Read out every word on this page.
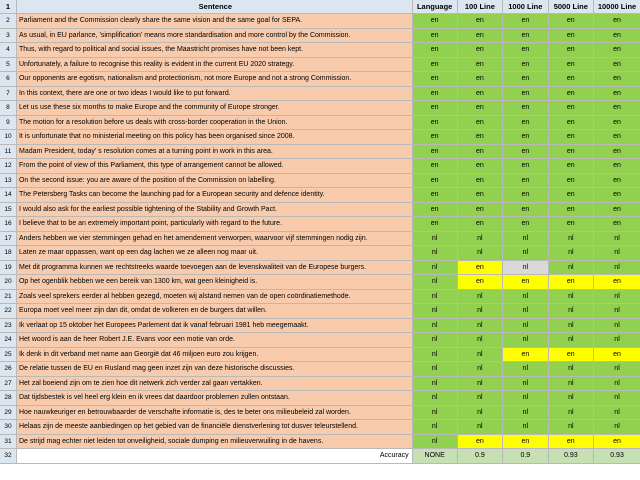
1	Sentence	Language	100 Line	1000 Line	5000 Line	10000 Line
2	Parliament and the Commission clearly share the same vision and the same goal for SEPA.	en	en	en	en	en
3	As usual, in EU parlance, 'simplification' means more standardisation and more control by the Commission.	en	en	en	en	en
4	Thus, with regard to political and social issues, the Maastricht promises have not been kept.	en	en	en	en	en
5	Unfortunately, a failure to recognise this reality is evident in the current EU 2020 strategy.	en	en	en	en	en
6	Our opponents are egotism, nationalism and protectionism, not more Europe and not a strong Commission.	en	en	en	en	en
7	In this context, there are one or two ideas I would like to put forward.	en	en	en	en	en
8	Let us use these six months to make Europe and the community of Europe stronger.	en	en	en	en	en
9	The motion for a resolution before us deals with cross-border cooperation in the Union.	en	en	en	en	en
10	It is unfortunate that no ministerial meeting on this policy has been organised since 2008.	en	en	en	en	en
11	Madam President, today' s resolution comes at a turning point in work in this area.	en	en	en	en	en
12	From the point of view of this Parliament, this type of arrangement cannot be allowed.	en	en	en	en	en
13	On the second issue: you are aware of the position of the Commission on labelling.	en	en	en	en	en
14	The Petersberg Tasks can become the launching pad for a European security and defence identity.	en	en	en	en	en
15	I would also ask for the earliest possible tightening of the Stability and Growth Pact.	en	en	en	en	en
16	I believe that to be an extremely important point, particularly with regard to the future.	en	en	en	en	en
17	Anders hebben we vier stemmingen gehad en het amendement verworpen, waarvoor vijf stemmingen nodig zijn.	nl	nl	nl	nl	nl
18	Laten ze maar oppassen, want op een dag lachen we ze alleen nog maar uit.	nl	nl	nl	nl	nl
19	Met dit programma kunnen we rechtstreeks waarde toevoegen aan de levenskwaliteit van de Europese burgers.	nl	en	nl	nl	nl
20	Op het ogenblik hebben we een bereik van 1300 km, wat geen kleinigheid is.	nl	en	en	en	en
21	Zoals veel sprekers eerder al hebben gezegd, moeten wij alstand nemen van de open coördinatiemethode.	nl	nl	nl	nl	nl
22	Europa moet veel meer zijn dan dit, omdat de volkeren en de burgers dat willen.	nl	nl	nl	nl	nl
23	Ik verlaat op 15 oktober het Europees Parlement dat ik vanaf februari 1981 heb meegemaakt.	nl	nl	nl	nl	nl
24	Het woord is aan de heer Robert J.E. Evans voor een motie van orde.	nl	nl	nl	nl	nl
25	Ik denk in dit verband met name aan Georgië dat 46 miljoen euro zou krijgen.	nl	nl	en	en	en
26	De relatie tussen de EU en Rusland mag geen inzet zijn van deze historische discussies.	nl	nl	nl	nl	nl
27	Het zal boeiend zijn om te zien hoe dit netwerk zich verder zal gaan vertakken.	nl	nl	nl	nl	nl
28	Dat tijdsbestek is vel heel erg klein en ik vrees dat daardoor problemen zullen ontstaan.	nl	nl	nl	nl	nl
29	Hoe nauwkeuriger en betrouwbaarder de verschafte informatie is, des te beter ons milieubeleid zal worden.	nl	nl	nl	nl	nl
30	Helaas zijn de meeste aanbiedingen op het gebied van de financiële dienstverlening tot dusver teleurstellend.	nl	nl	nl	nl	nl
31	De strijd mag echter niet leiden tot onveiligheid, sociale dumping en milieuverwuiling in de havens.	nl	en	en	en	en
32	Accuracy	NONE	0.9	0.9	0.93	0.93
